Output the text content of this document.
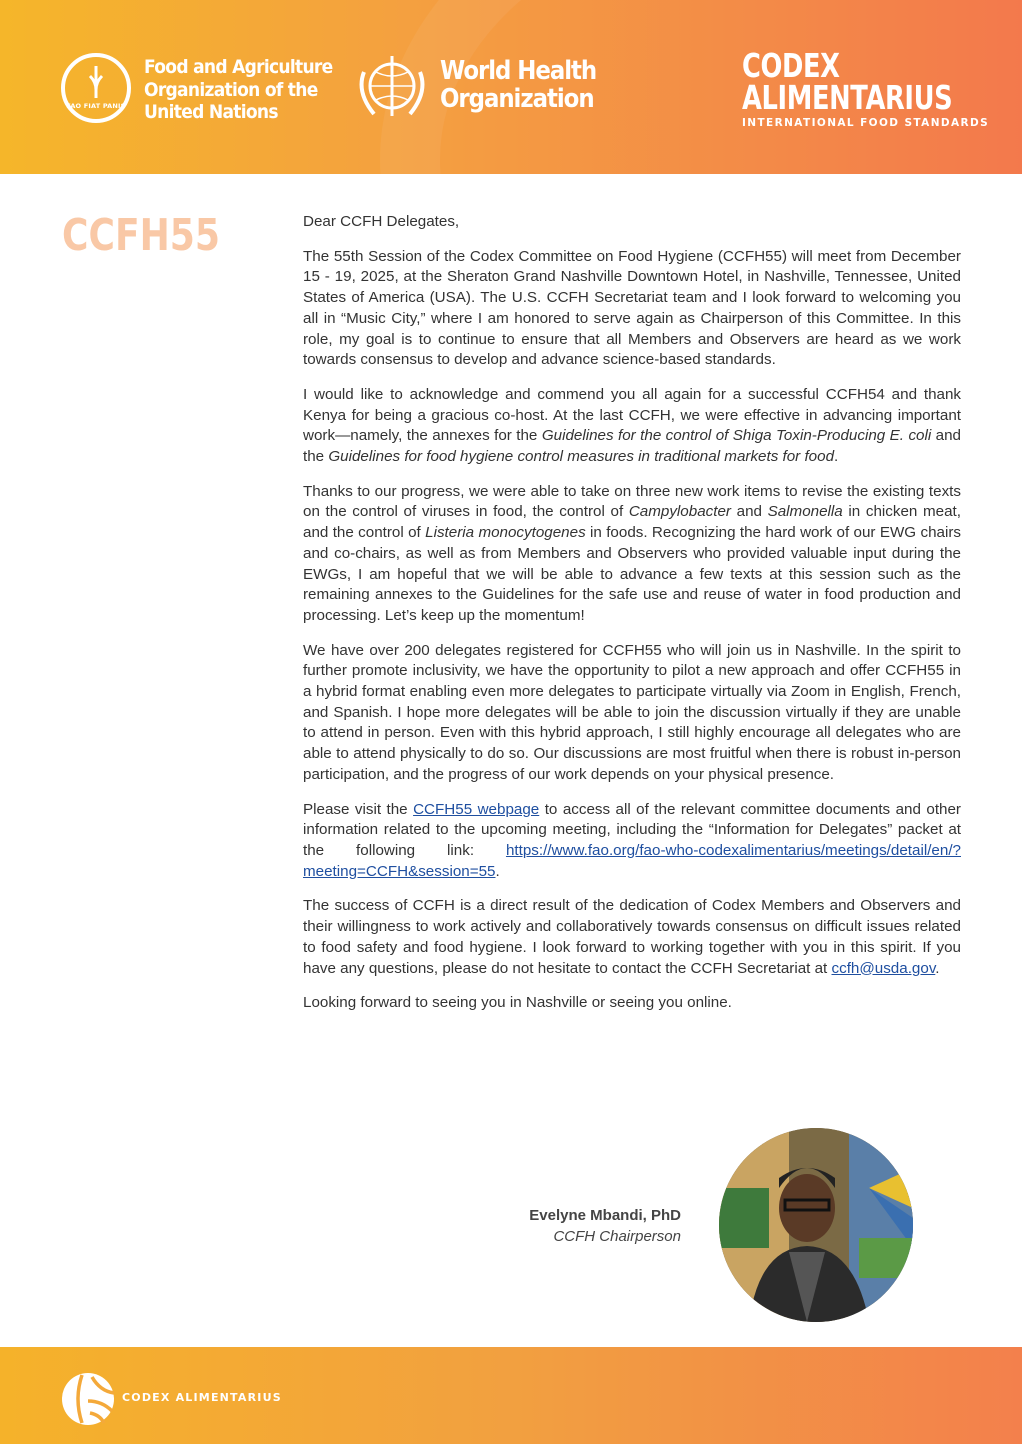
FAO FIAT PANIS
Food and Agriculture
Organization of the
United Nations
World Health
Organization
CODEX
ALIMENTARIUS
INTERNATIONAL FOOD STANDARDS
CCFH55	Dear CCFH Delegates,

The 55th Session of the Codex Committee on Food Hygiene (CCFH55) will meet from December 15 - 19, 2025, at the Sheraton Grand Nashville Downtown Hotel, in Nashville, Tennessee, United States of America (USA). The U.S. CCFH Secretariat team and I look forward to welcoming you all in “Music City,” where I am honored to serve again as Chairperson of this Committee. In this role, my goal is to continue to ensure that all Members and Observers are heard as we work towards consensus to develop and advance science-based standards.

I would like to acknowledge and commend you all again for a successful CCFH54 and thank Kenya for being a gracious co-host. At the last CCFH, we were effective in advancing important work—namely, the annexes for the Guidelines for the control of Shiga Toxin-Producing E. coli and the Guidelines for food hygiene control measures in traditional markets for food.

Thanks to our progress, we were able to take on three new work items to revise the existing texts on the control of viruses in food, the control of Campylobacter and Salmonella in chicken meat, and the control of Listeria monocytogenes in foods. Recognizing the hard work of our EWG chairs and co-chairs, as well as from Members and Observers who provided valuable input during the EWGs, I am hopeful that we will be able to advance a few texts at this session such as the remaining annexes to the Guidelines for the safe use and reuse of water in food production and processing. Let’s keep up the momentum!

We have over 200 delegates registered for CCFH55 who will join us in Nashville. In the spirit to further promote inclusivity, we have the opportunity to pilot a new approach and offer CCFH55 in a hybrid format enabling even more delegates to participate virtually via Zoom in English, French, and Spanish. I hope more delegates will be able to join the discussion virtually if they are unable to attend in person. Even with this hybrid approach, I still highly encourage all delegates who are able to attend physically to do so. Our discussions are most fruitful when there is robust in-person participation, and the progress of our work depends on your physical presence.

Please visit the CCFH55 webpage to access all of the relevant committee documents and other information related to the upcoming meeting, including the “Information for Delegates” packet at the following link: https://www.fao.org/fao-who-codexalimentarius/meetings/detail/en/?meeting=CCFH&session=55.

The success of CCFH is a direct result of the dedication of Codex Members and Observers and their willingness to work actively and collaboratively towards consensus on difficult issues related to food safety and food hygiene. I look forward to working together with you in this spirit. If you have any questions, please do not hesitate to contact the CCFH Secretariat at ccfh@usda.gov.

Looking forward to seeing you in Nashville or seeing you online.

Evelyne Mbandi, PhD
CCFH Chairperson
CODEX ALIMENTARIUS
